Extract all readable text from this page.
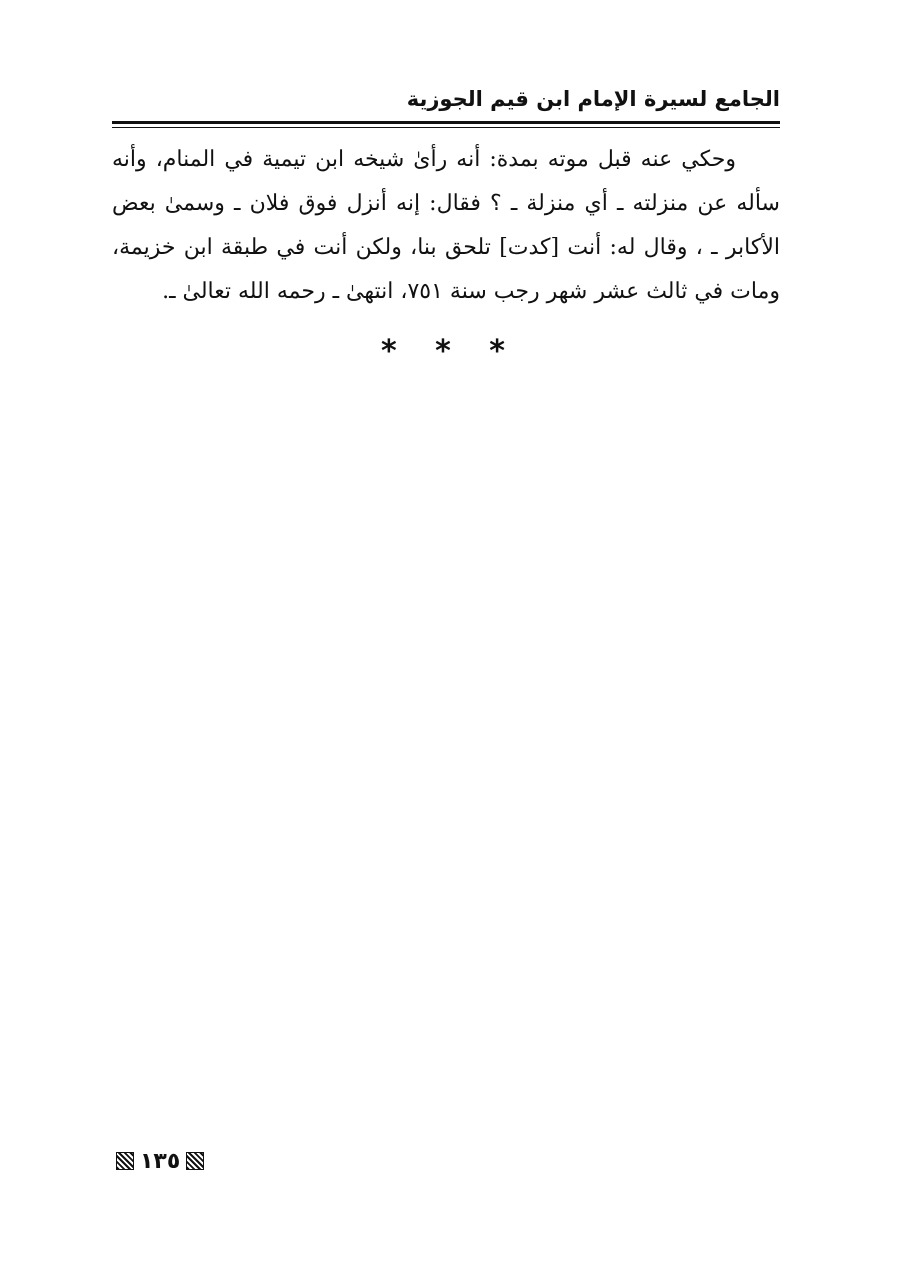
الجامع لسيرة الإمام ابن قيم الجوزية

وحكي عنه قبل موته بمدة: أنه رأىٰ شيخه ابن تيمية في المنام، وأنه سأله عن منزلته ـ أي منزلة ـ ؟ فقال: إنه أنزل فوق فلان ـ وسمىٰ بعض الأكابر ـ ، وقال له: أنت [كدت] تلحق بنا، ولكن أنت في طبقة ابن خزيمة، ومات في ثالث عشر شهر رجب سنة ٧٥١، انتهىٰ ـ رحمه الله تعالىٰ ـ.

* * *
١٣٥
